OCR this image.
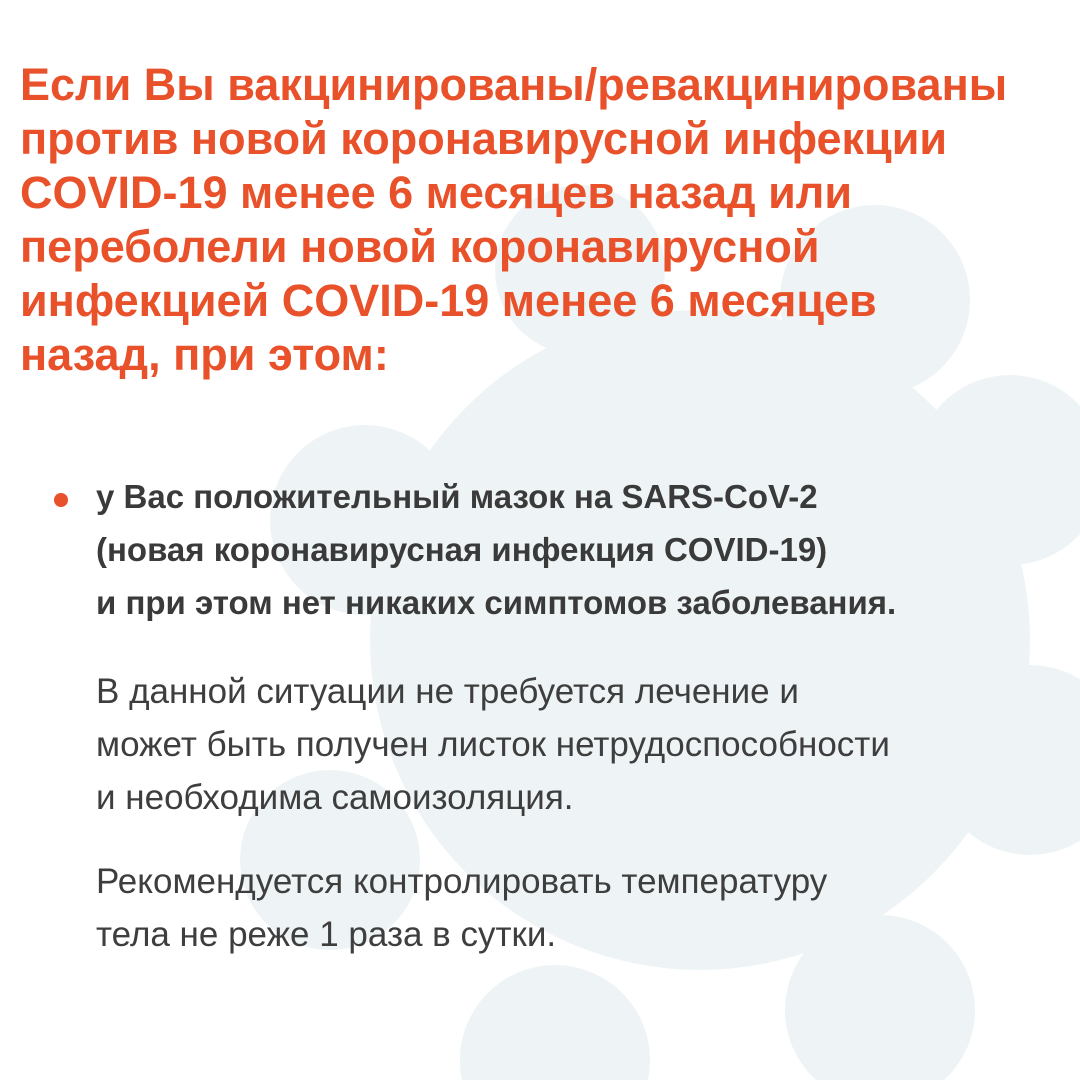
Если Вы вакцинированы/ревакцинированы
против новой коронавирусной инфекции
COVID-19 менее 6 месяцев назад или
переболели новой коронавирусной
инфекцией COVID-19 менее 6 месяцев
назад, при этом:
у Вас положительный мазок на SARS-CoV-2
(новая коронавирусная инфекция COVID-19)
и при этом нет никаких симптомов заболевания.

В данной ситуации не требуется лечение и
может быть получен листок нетрудоспособности
и необходима самоизоляция.

Рекомендуется контролировать температуру
тела не реже 1 раза в сутки.
